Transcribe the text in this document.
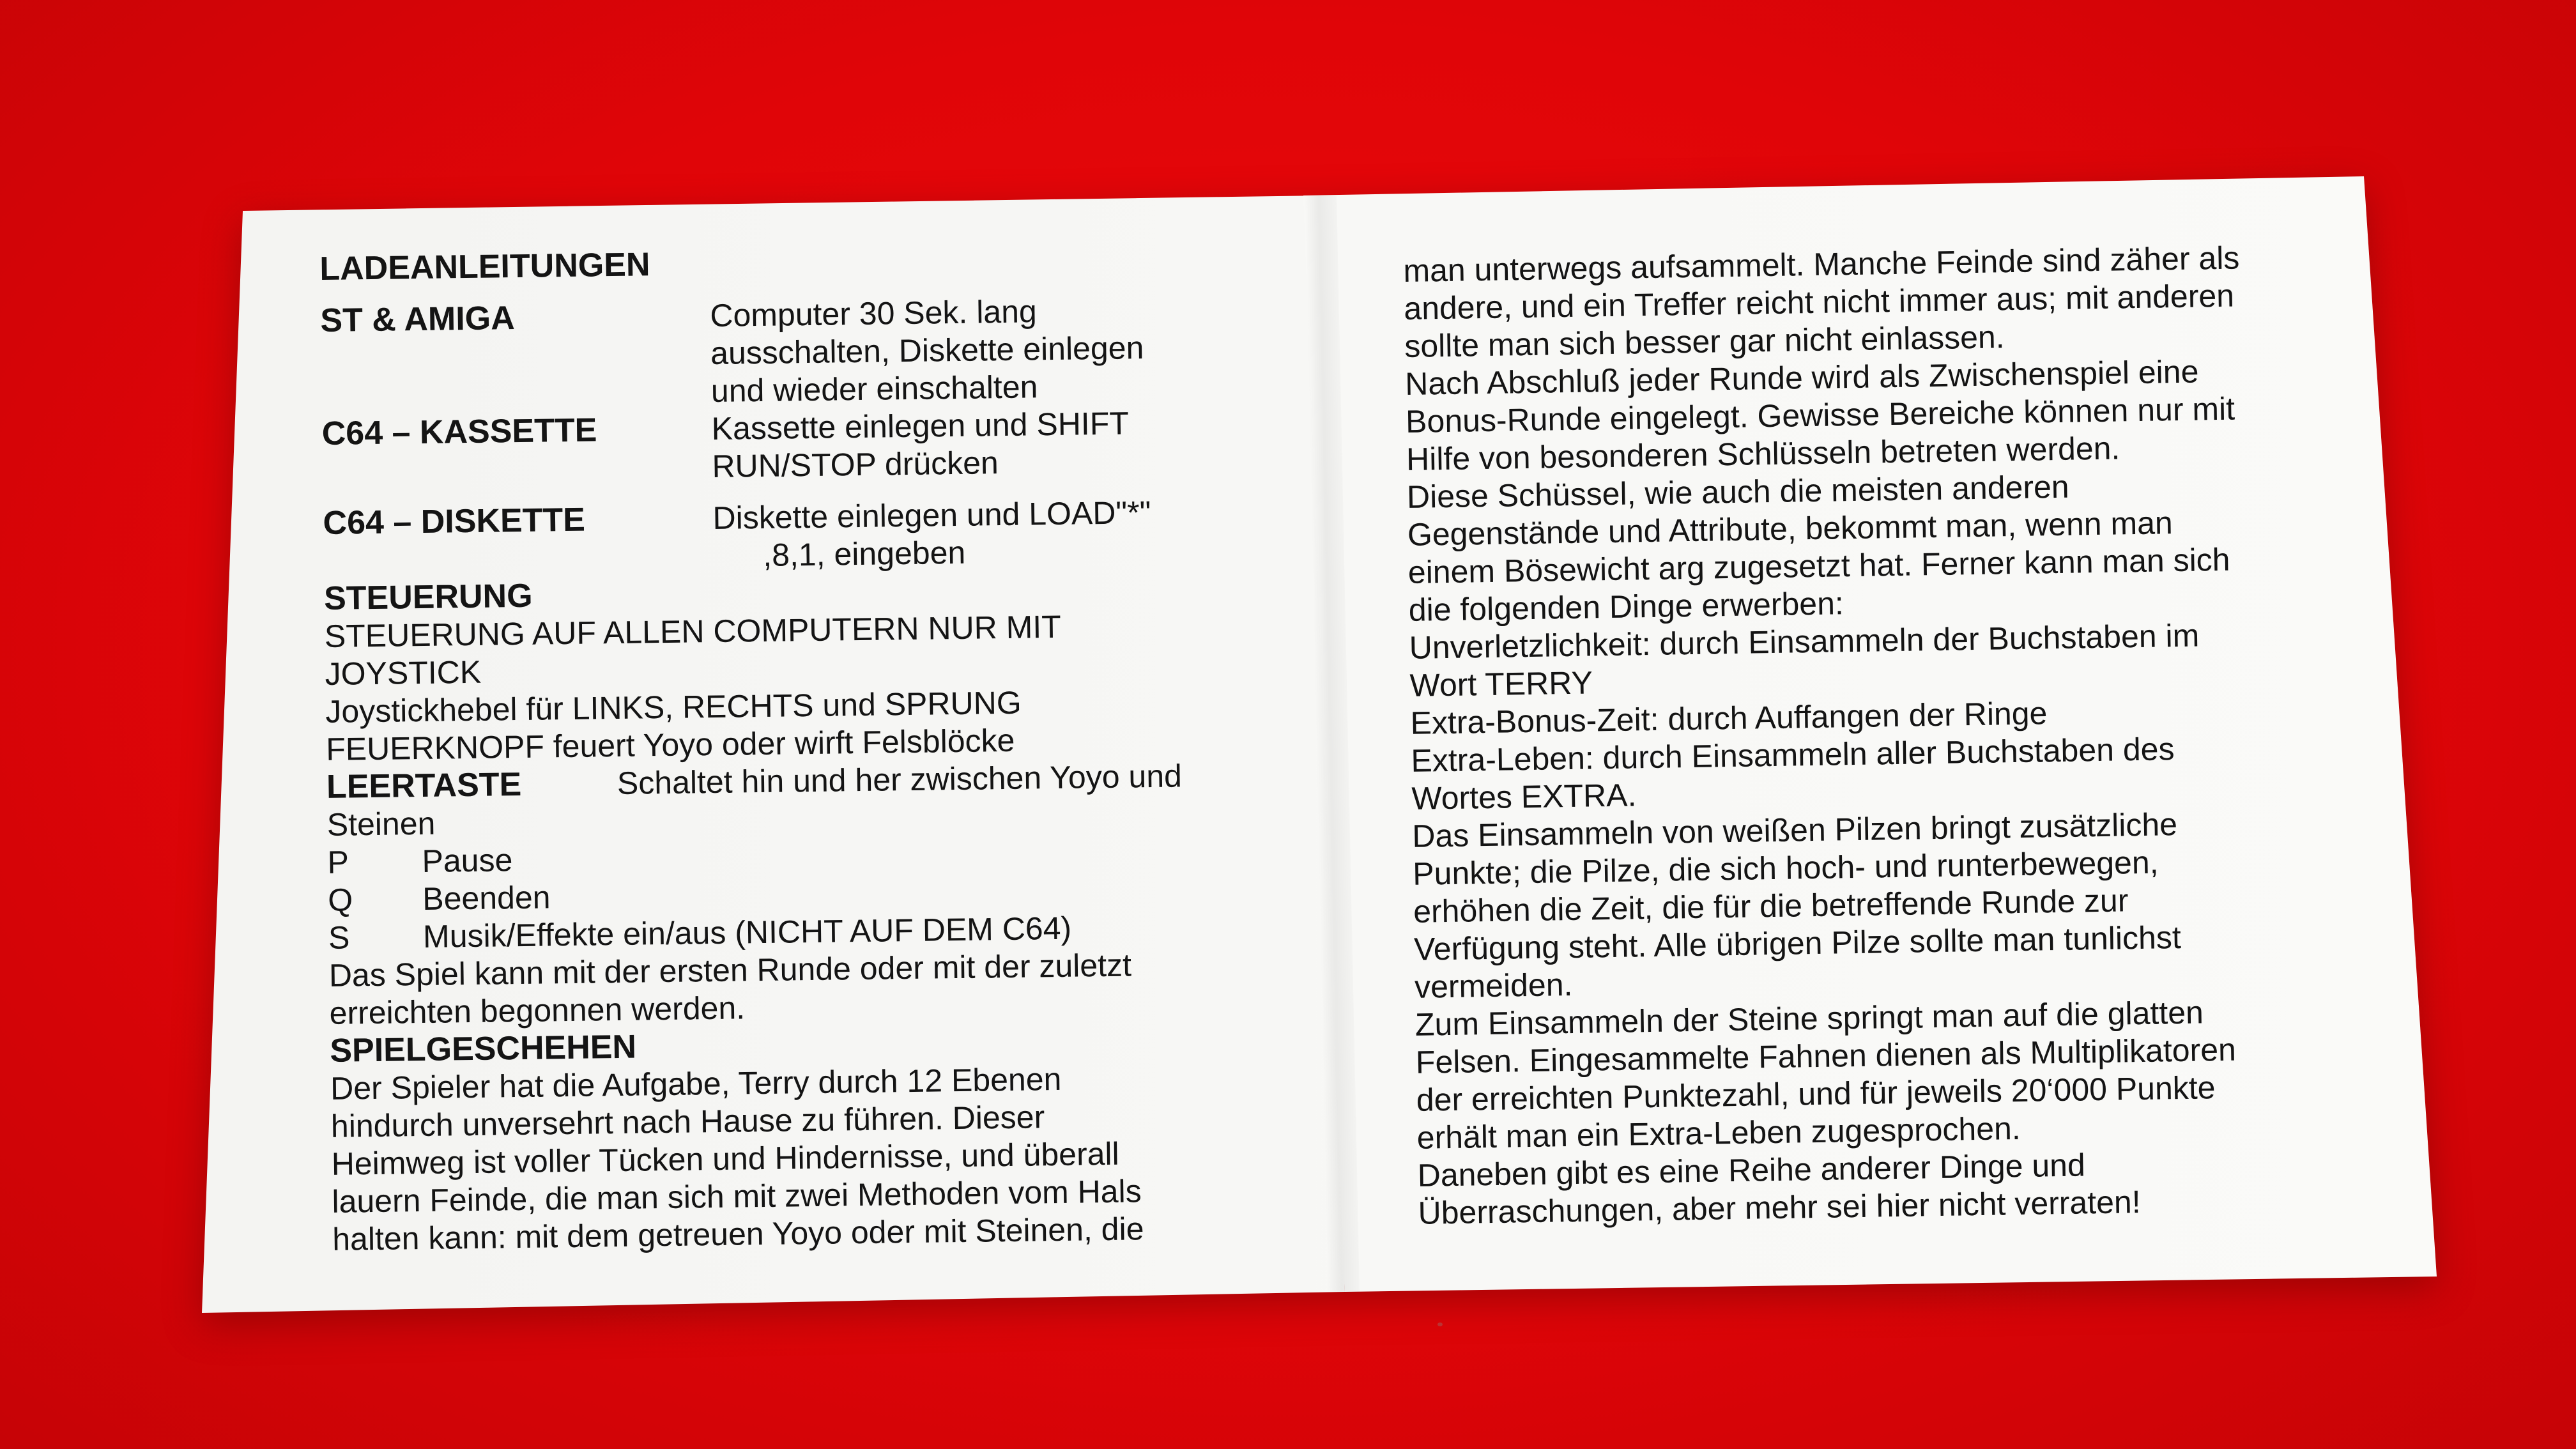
LADEANLEITUNGEN
ST & AMIGA	Computer 30 Sek. lang
ausschalten, Diskette einlegen
und wieder einschalten
C64 – KASSETTE	Kassette einlegen und SHIFT
RUN/STOP drücken
C64 – DISKETTE	Diskette einlegen und LOAD"*"
,8,1, eingeben
STEUERUNG
STEUERUNG AUF ALLEN COMPUTERN NUR MIT
JOYSTICK
Joystickhebel für LINKS, RECHTS und SPRUNG
FEUERKNOPF feuert Yoyo oder wirft Felsblöcke
LEERTASTE	Schaltet hin und her zwischen Yoyo und
Steinen
P	Pause
Q	Beenden
S	Musik/Effekte ein/aus (NICHT AUF DEM C64)
Das Spiel kann mit der ersten Runde oder mit der zuletzt
erreichten begonnen werden.
SPIELGESCHEHEN
Der Spieler hat die Aufgabe, Terry durch 12 Ebenen
hindurch unversehrt nach Hause zu führen. Dieser
Heimweg ist voller Tücken und Hindernisse, und überall
lauern Feinde, die man sich mit zwei Methoden vom Hals
halten kann: mit dem getreuen Yoyo oder mit Steinen, die
man unterwegs aufsammelt. Manche Feinde sind zäher als
andere, und ein Treffer reicht nicht immer aus; mit anderen
sollte man sich besser gar nicht einlassen.
Nach Abschluß jeder Runde wird als Zwischenspiel eine
Bonus-Runde eingelegt. Gewisse Bereiche können nur mit
Hilfe von besonderen Schlüsseln betreten werden.
Diese Schüssel, wie auch die meisten anderen
Gegenstände und Attribute, bekommt man, wenn man
einem Bösewicht arg zugesetzt hat. Ferner kann man sich
die folgenden Dinge erwerben:
Unverletzlichkeit: durch Einsammeln der Buchstaben im
Wort TERRY
Extra-Bonus-Zeit: durch Auffangen der Ringe
Extra-Leben: durch Einsammeln aller Buchstaben des
Wortes EXTRA.
Das Einsammeln von weißen Pilzen bringt zusätzliche
Punkte; die Pilze, die sich hoch- und runterbewegen,
erhöhen die Zeit, die für die betreffende Runde zur
Verfügung steht. Alle übrigen Pilze sollte man tunlichst
vermeiden.
Zum Einsammeln der Steine springt man auf die glatten
Felsen. Eingesammelte Fahnen dienen als Multiplikatoren
der erreichten Punktezahl, und für jeweils 20‘000 Punkte
erhält man ein Extra-Leben zugesprochen.
Daneben gibt es eine Reihe anderer Dinge und
Überraschungen, aber mehr sei hier nicht verraten!
